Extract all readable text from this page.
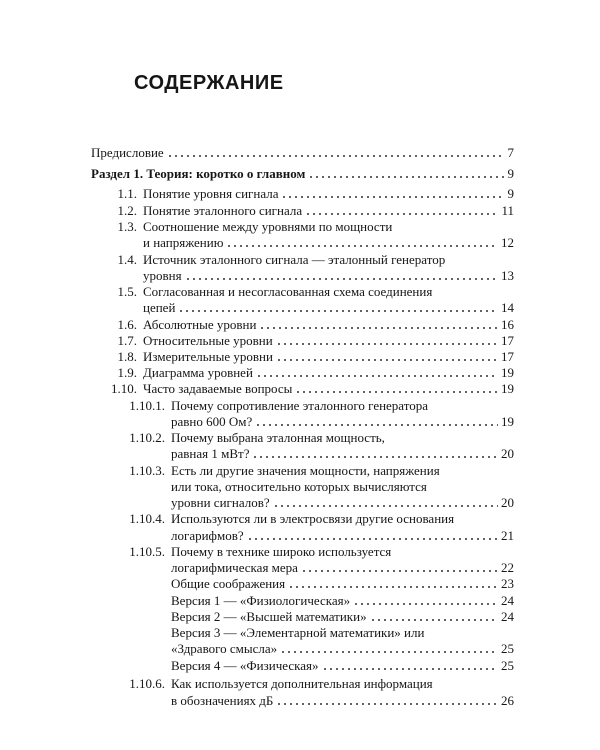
СОДЕРЖАНИЕ
Предисловие	7
Раздел 1. Теория: коротко о главном	9
1.1. Понятие уровня сигнала	9
1.2. Понятие эталонного сигнала	11
1.3. Соотношение между уровнями по мощности
и напряжению	12
1.4. Источник эталонного сигнала — эталонный генератор
уровня	13
1.5. Согласованная и несогласованная схема соединения
цепей	14
1.6. Абсолютные уровни	16
1.7. Относительные уровни	17
1.8. Измерительные уровни	17
1.9. Диаграмма уровней	19
1.10. Часто задаваемые вопросы	19
1.10.1. Почему сопротивление эталонного генератора
равно 600 Ом?	19
1.10.2. Почему выбрана эталонная мощность,
равная 1 мВт?	20
1.10.3. Есть ли другие значения мощности, напряжения
или тока, относительно которых вычисляются
уровни сигналов?	20
1.10.4. Используются ли в электросвязи другие основания
логарифмов?	21
1.10.5. Почему в технике широко используется
логарифмическая мера	22
Общие соображения	23
Версия 1 — «Физиологическая»	24
Версия 2 — «Высшей математики»	24
Версия 3 — «Элементарной математики» или
«Здравого смысла»	25
Версия 4 — «Физическая»	25
1.10.6. Как используется дополнительная информация
в обозначениях дБ	26
